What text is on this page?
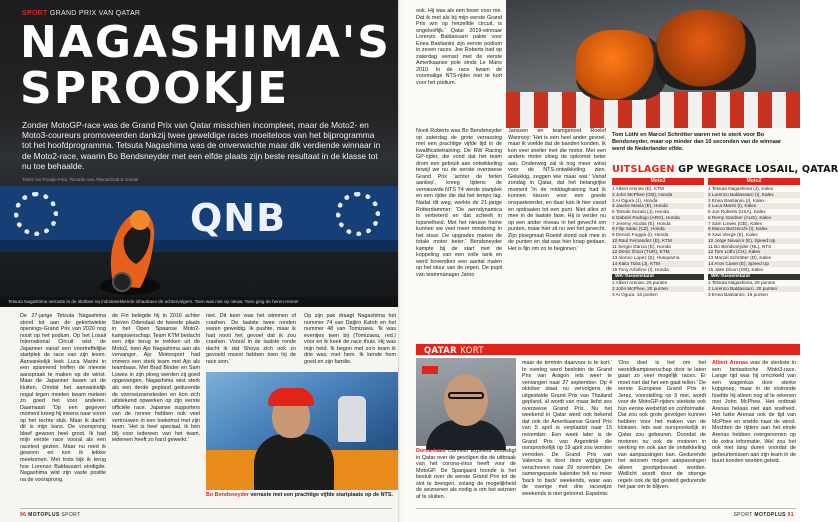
QNB
SPORT GRAND PRIX VAN QATAR
NAGASHIMA'S SPROOKJE

Zonder MotoGP-race was de Grand Prix van Qatar misschien incompleet, maar de Moto2- en Moto3-coureurs promoveerden dankzij twee geweldige races moeiteloos van het bijprogramma tot het hoofdprogramma. Tetsuta Nagashima was de onverwachte maar dik verdiende winnaar in de Moto2-race, waarin Bo Bendsneyder met een elfde plaats zijn beste resultaat in de klasse tot nu toe behaalde.

Tekst: Ivo Fraaije Foto: Ricardo van Altena/Gold & Goose
Tetsuta Nagashima verraste in de slotfase na indrukwekkende inhaalrace de achtervolgers. Toen was niet op nieuw. Toen ging de heren-renner
De 27-jarige Tetsuta Nagashima stond tot aan de gekortwiekte openings-Grand Prix van 2020 nog nooit op het podium. Op het Losail International Circuit wist de Japanner vanaf een voortreffelijke startplek de race van zijn leven. Aanvankelijk leek Luca Marini in een spannend treffen de meeste aanspraak te maken op de winst. Maar de Japanner kwam uit de kluiten. Omdat het aanvankelijk nogal tegen moeten kwam meteen zo goed het voor anderen. Daarnaast 'Op een gegeven moment kreeg hij ineens naar voren op het rechte stuk. Maar ik dacht: dit is mijn kans. De voorsprong bleef gewoon heel groot. Ik had mijn eerste race vooral als een racetest gezien. Maar nu reed ik gewoon en kon ik lekker meekomen. Met trots kijk ik terug hoe Lorenzo Baldassarri eindigde. Nagashima wist zijn vaste positie na de voorsprong.
de Fin belegde hij in 2016 achter Steven Odendaal de tweede plaats in het Open Spaanse Moto2-kampioenschap. Team KTM bedacht een zitje terug te trekken uit de Moto2, toen Ajo Nagashima aan als vervanger. Ajo Motorsport had immers een sterk team met Ajo als teambaas. Met Brad Binder en Sam Lowes in zijn ploeg werden zij goed opgevangen. Nagashima wist sterk als een derde gepland gedurende de voorseizoenstesten en kon zich uitstekend opwerken op zijn eerste officiële race. Japanse supporters van de renner hebben ook veel vertrouwen in een toekomst met zijn team. 'Het is heel speciaal, ik ben blij voor iedereen van het team, iedereen heeft zo hard gewerkt.'
niet. Dit keer was het wimmen of crashen. De laatste twee ronden waren geweldig. Ik pushte, maar ik had nooit het gevoel dat ik zou crashen. Vooral in de laatste ronde dacht ik dat Shoya zich ook zo gevoeld moest hebben toen hij de race won.'
Op zijn pak draagt Nagashima het nummer 74 van Daijiro Katoh en het nummer 48 van Tomizawa. 'Ik was eventjes teen bij (Tomizawa, red.) voor en ik keek de race thuis. Hij was mijn held. Ik begon met zo'n team ik drie was, met hem. Ik kende hem goed en zijn familie.
Bo Bendsneyder verraste met een prachtige vijfde startplaats op de NTS.
96 MOTOPLUS SPORT
ook. Hij was als een broer voor me. Dat ik met als bij mijn eerste Grand Prix win op hetzelfde circuit, is ongelooflijk.' Qatar 2019-winnaar Lorenzo Baldassarri pakte voor Enea Bastianini zijn eerste podium in zeven races. Joe Roberts had op zaterdag verrast met de eerste Amerikaanse pole sinds Le Mans 2010. In de race kwam de voormalige NTS-rijder niet te kort voor het podium.
Nooit Roberts was Bo Bendsneyder op zaterdag de grote verrassing met een prachtige vijfde tijd in de kwalificatietraining. De RW Racing GP-rijder, die vond dat het team drom een gebruik aan ontwikkeling terwijl we nu de eerste overzeese Grand Prix 'achter de feiten aanliep', kreeg tijdens de vernieuwde NTS T4 vierde startplek en een rijder die dat het tempo lag. Nadat dit weg, werkte de 21-jarige Rotterdammer: 'De aerodynamica is verbeterd en dat scheelt in topsnelheid. Met het nieuwe frame kunnen we veel meer mindering in het stuur. De upgrades maken de totale motor beter.' Bendsneyder kampte bij de start met de koppeling van een volle tank en werd bovendien een aantal malen op het stuur van de regen. De pupil van teammanager Jarno
Janssen en teamgenoot Roelof Wanrooy: 'Het is een heel ander gevoel, maar ik voelde dat de banden konden. Ik kon veel sneller met die motor. Met een andere motor sloeg de opkomst beter aan. Onderweg zal ik nog meer winst voor de NTS-ontwikkeling zien. Gelukkig, zeggen wie maar wat.' Vanaf zondag in Qatar, dat het belangrijke moment 'In de middagtraining had ik kunnen kiezen voor een goede onsparkeerder, en daar kan ik hier vanaf en opdraaien tot een punt. Niet alles zit mee in de laatste fase. Hij is verder nu op een ander niveau in het gevecht om punten, maar hier zit nu wel het gevecht. Zijn ploegmaat Roelof stond ook mee in de punten en dat was hier knap gedaan. Het is fijn om zo te beginnen.'
Tom Lüthi en Marcel Schrötter waren net te sterk voor Bo Bendsneyder, maar op minder dan 10 seconden van de winnaar werd de Nederlander elfde.
UITSLAGEN GP WEGRACE LOSAIL, QATAR
Moto3
1 Albert Arenas (E), KTM
2 John McPhee (GB), Honda
3 Ai Ogura (J), Honda
4 Jaume Masia (E), Honda
5 Tatsuki Suzuki (J), Honda
6 Gabriel Rodrigo (ARG), Honda
7 Jeremy Alcoba (E), Honda
8 Filip Salac (CZ), Honda
9 Dennis Foggia (I), Honda
10 Raul Fernandez (E), KTM
11 Sergio Garcia (E), Honda
12 Deniz Öncü (TUR), KTM
13 Alonso Lopez (E), Husqvarna
14 Kaito Toba (J), KTM
15 Tony Arbolino (I), Honda
WK-Tussenstand
1 Albert Arenas, 25 punten
2 John McPhee, 20 punten
3 Ai Ogura, 16 punten
Moto2
1 Tetsuta Nagashima (J), Kalex
2 Lorenzo Baldassarri (I), Kalex
3 Enea Bastianini (I), Kalex
4 Luca Marini (I), Kalex
5 Joe Roberts (USA), Kalex
6 Remy Gardner (AUS), Kalex
7 Sam Lowes (GB), Kalex
8 Marco Bezzecchi (I), Kalex
9 Xavi Vierge (E), Kalex
10 Jorge Navarro (E), Speed Up
11 Bo Bendsneyder (NL), NTS
12 Tom Lüthi (CH), Kalex
13 Marcel Schrötter (D), Kalex
14 Aron Canet (E), Speed Up
15 Jake Dixon (GB), Kalex
WK-Tussenstand
1 Tetsuta Nagashima, 25 punten
2 Lorenzo Baldassarri, 20 punten
3 Enea Bastianini, 16 punten
QATAR KORT
Dorna-baas Carmelo Ezpeleta verdedigt in Qatar over de gevolgen die de uitbraak van het corona-virus heeft voor de MotoGP. De Spanjaard toonde is het besluit over de eerste Grand Prix tot de slot te brengen, zolang de mogelijkheid de seizoenen als nodig is om het seizoen af te sluiten.
maar de temmin daarvoor is te kort.' In overleg werd besloten de Grand Prix van Aragon iets weer te vervangen naar 27 september. Op 4 oktober staat nu vervolgens de uitgestelde Grand Prix van Thailand gepland, al wordt van maar liefst zes overzeese Grand Prix. Nu het weekend in Qatar werd ook bekend dat ook de Amerikaanse Grand Prix van 5 april is verplaatst naar 15 november. Een week later is de Grand Prix van Argentinië die oorspronkelijk op 19 april zou worden verreden. De Grand Prix van Valencia is door deze wijzigingen verschoven naar 29 november. De samengepaste kalender telt nu meer 'back to back' weekends, waar aan de overige met drie racewijze weekends is niet getoond. Espeleta:
'Ons doel is het om het wereldkampioenschap door te laten gaan zo veel mogelijk races. Er moet niet dat het een gaat tellen.' De eerste Europese Grand Prix in Jerez, voorstelling op 3 mei, wordt voor de MotoGP-rijders sterkste ook hun eerste wedstrijd en conformatie. Dat zou ook grote gevolgen kunnen hebben voor het maken van de kloksen. Iets wat oorspronkelijk in Qatar zou gebeuren. Doordat de motoren nu ook de motoren in werking en ook aan de ontwikkeling van aanpassingen kan. Gedurende het seizoen mogen aanpassingen alleen grootgebouwd worden. Wellicht wordt door de strenge regels ook de tijd gesteld gedurende het jaar om te blijven.
Albert Arenas was de sterkste in een fantastische Moto3-race. Lange tijd was hij omcirkeld van een wagenkax door sterke kopgroep, maar in de slotronde hoefde hij alleen nog af te rekenen met John McPhee. Het ontbrak Arenas helaas niet aan snelheid. Het lukte Arenas ook de tijd van McPhee en snelde naar de winst. Mochten de rijders aan het einde Arenas hebben overgenomen op de extra informatie. Wel zou het ook niet lang duren voordat de gebeurtenissen aan zijn team in de buurt konden worden geleid.
SPORT MOTOPLUS 91
